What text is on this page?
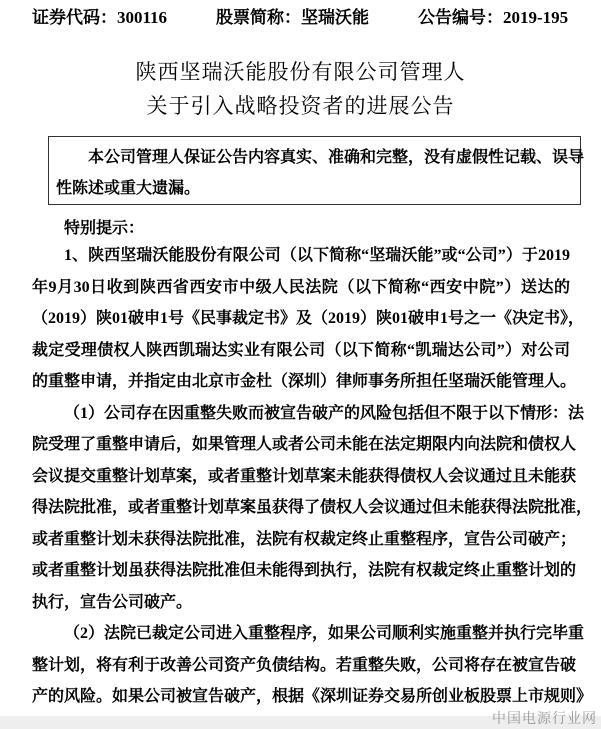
证券代码：300116	股票简称：坚瑞沃能	公告编号：2019-195
陕西坚瑞沃能股份有限公司管理人
关于引入战略投资者的进展公告
本公司管理人保证公告内容真实、准确和完整，没有虚假性记载、误导
性陈述或重大遗漏。
特别提示：
1、陕西坚瑞沃能股份有限公司（以下简称“坚瑞沃能”或“公司”）于2019
年9月30日收到陕西省西安市中级人民法院（以下简称“西安中院”）送达的
（2019）陕01破申1号《民事裁定书》及（2019）陕01破申1号之一《决定书》，
裁定受理债权人陕西凯瑞达实业有限公司（以下简称“凯瑞达公司”）对公司
的重整申请，并指定由北京市金杜（深圳）律师事务所担任坚瑞沃能管理人。
（1）公司存在因重整失败而被宣告破产的风险包括但不限于以下情形：法
院受理了重整申请后，如果管理人或者公司未能在法定期限内向法院和债权人
会议提交重整计划草案，或者重整计划草案未能获得债权人会议通过且未能获
得法院批准，或者重整计划草案虽获得了债权人会议通过但未能获得法院批准，
或者重整计划未获得法院批准，法院有权裁定终止重整程序，宣告公司破产；
或者重整计划虽获得法院批准但未能得到执行，法院有权裁定终止重整计划的
执行，宣告公司破产。
（2）法院已裁定公司进入重整程序，如果公司顺利实施重整并执行完毕重
整计划，将有利于改善公司资产负债结构。若重整失败，公司将存在被宣告破
产的风险。如果公司被宣告破产，根据《深圳证券交易所创业板股票上市规则》
中国电源行业网
